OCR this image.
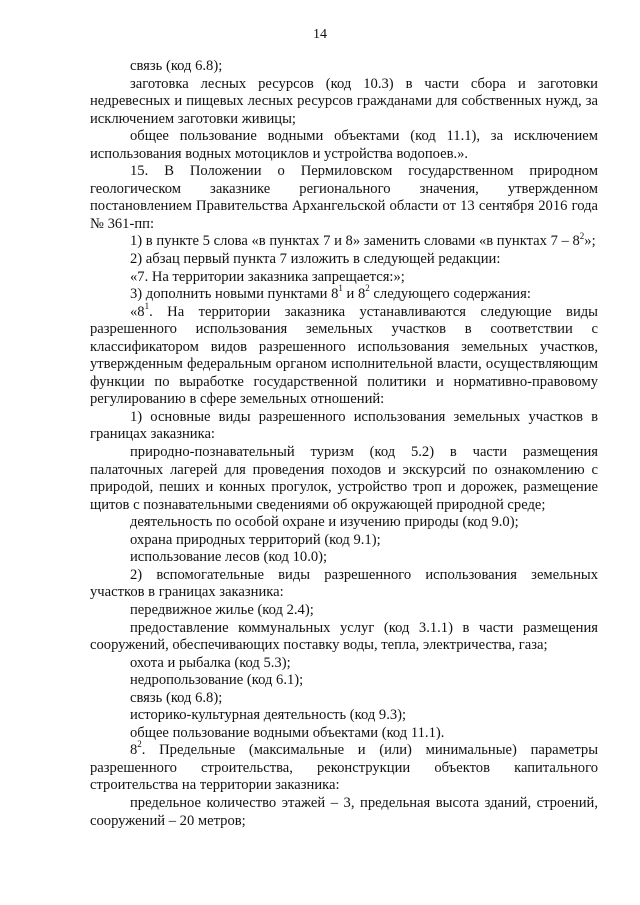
14

связь (код 6.8);

заготовка лесных ресурсов (код 10.3) в части сбора и заготовки недревесных и пищевых лесных ресурсов гражданами для собственных нужд, за исключением заготовки живицы;

общее пользование водными объектами (код 11.1), за исключением использования водных мотоциклов и устройства водопоев.».

15. В Положении о Пермиловском государственном природном геологическом заказнике регионального значения, утвержденном постановлением Правительства Архангельской области от 13 сентября 2016 года № 361-пп:

1) в пункте 5 слова «в пунктах 7 и 8» заменить словами «в пунктах $7 - 8^2$»;

2) абзац первый пункта 7 изложить в следующей редакции:

«7. На территории заказника запрещается:»;

3) дополнить новыми пунктами $8^1$ и $8^2$ следующего содержания:

«$8^1$. На территории заказника устанавливаются следующие виды разрешенного использования земельных участков в соответствии с классификатором видов разрешенного использования земельных участков, утвержденным федеральным органом исполнительной власти, осуществляющим функции по выработке государственной политики и нормативно-правовому регулированию в сфере земельных отношений:

1) основные виды разрешенного использования земельных участков в границах заказника:

природно-познавательный туризм (код 5.2) в части размещения палаточных лагерей для проведения походов и экскурсий по ознакомлению с природой, пеших и конных прогулок, устройство троп и дорожек, размещение щитов с познавательными сведениями об окружающей природной среде;

деятельность по особой охране и изучению природы (код 9.0);

охрана природных территорий (код 9.1);

использование лесов (код 10.0);

2) вспомогательные виды разрешенного использования земельных участков в границах заказника:

передвижное жилье (код 2.4);

предоставление коммунальных услуг (код 3.1.1) в части размещения сооружений, обеспечивающих поставку воды, тепла, электричества, газа;

охота и рыбалка (код 5.3);

недропользование (код 6.1);

связь (код 6.8);

историко-культурная деятельность (код 9.3);

общее пользование водными объектами (код 11.1).

$8^2$. Предельные (максимальные и (или) минимальные) параметры разрешенного строительства, реконструкции объектов капитального строительства на территории заказника:

предельное количество этажей – 3, предельная высота зданий, строений, сооружений – 20 метров;
